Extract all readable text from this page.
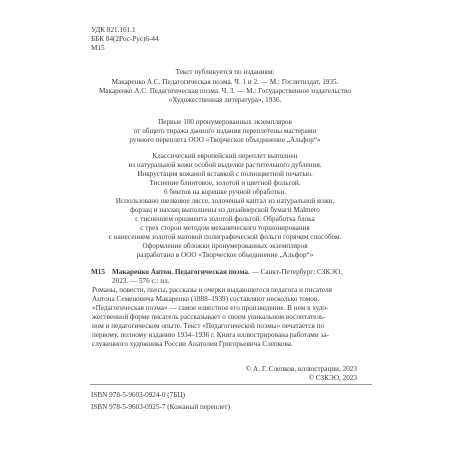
УДК 821.161.1
ББК 84(2Рос-Рус)6-44
М15
Текст публикуется по изданиям:
Макаренко А.С. Педагогическая поэма. Ч. 1 и 2. — М.: Гослитиздат, 1935.
Макаренко А.С. Педагогическая поэма. Ч. 3. — М.: Государственное издательство
«Художественная литература», 1936.
Первые 100 пронумерованных экземпляров
от общего тиража данного издания переплетены мастерами
ручного переплета ООО «Творческое объединение „Альфор“»
Классический европейский переплет выполнен
из натуральной кожи особой выделки растительного дубления.
Инкрустация кожаной вставкой с полноцветной печатью.
Тиснение блинтовое, золотой и цветной фольгой.
6 бинтов на корешке ручной обработки.
Использовано шелковое ляссе, золоченый каптал из натуральной кожи,
форзац и нахзац выполнены из дизайнерской бумаги Malmero
с тиснением орнамента золотой фольгой. Обработка блока
с трех сторон методом механического торшонирования
с нанесением золотой матовой полиграфической фольги горячим способом.
Оформление обложки пронумерованных экземпляров
разработано в ООО «Творческое объединение „Альфор“»
М15 Макаренко Антон. Педагогическая поэма. — Санкт-Петербург: СЗКЭО,
2023. — 576 с.: ил.
Романы, повести, пьесы, рассказы и очерки выдающегося педагога и писателя
Антона Семеновича Макаренко (1888–1939) составляют несколько томов.
«Педагогическая поэма» — самое известное его произведение. В нем в худо-
жественной форме писатель рассказывает о своем уникальном воспитатель-
ном и педагогическом опыте. Текст «Педагогической поэмы» печатается по
первому, полному изданию 1934–1936 г. Книга иллюстрирована работами за-
служенного художника России Анатолия Григорьевича Слепкова.
© А. Г. Слепков, иллюстрации, 2023
© СЗКЭО, 2023
ISBN 978-5-9603-0924-0 (7БЦ)
ISBN 978-5-9603-0925-7 (Кожаный переплет)
